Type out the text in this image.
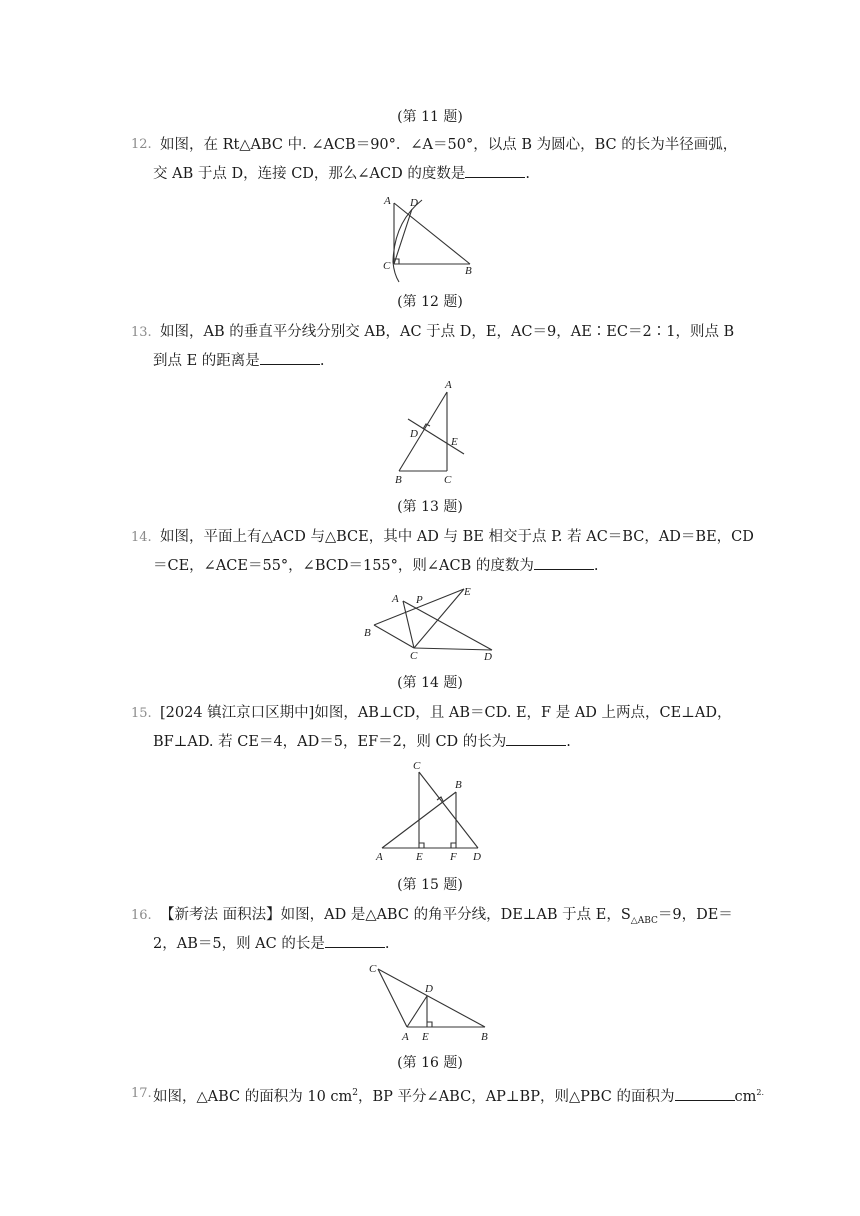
(第 11 题)
12. 如图，在 Rt△ABC 中. ∠ACB＝90°．∠A＝50°，以点 B 为圆心，BC 的长为半径画弧，
交 AB 于点 D，连接 CD，那么∠ACD 的度数是	.
A D
C	B
(第 12 题)
13. 如图，AB 的垂直平分线分别交 AB，AC 于点 D，E，AC＝9，AE∶EC＝2∶1，则点 B
到点 E 的距离是	.
A
D
E
B	C
(第 13 题)
14. 如图，平面上有△ACD 与△BCE，其中 AD 与 BE 相交于点 P. 若 AC＝BC，AD＝BE，CD
＝CE，∠ACE＝55°，∠BCD＝155°，则∠ACB 的度数为	.
A P
E
B
C	D
(第 14 题)
15. [2024 镇江京口区期中]如图，AB⊥CD，且 AB＝CD. E，F 是 AD 上两点，CE⊥AD，
BF⊥AD. 若 CE＝4，AD＝5，EF＝2，则 CD 的长为	.
C
B
A	E F D
(第 15 题)
16. 【新考法 面积法】如图，AD 是△ABC 的角平分线，DE⊥AB 于点 E，$S_{\triangle ABC}=9$，DE＝
2，AB＝5，则 AC 的长是	.
C
D
A E	B
(第 16 题)
17. 如图，△ABC 的面积为 10 $cm^2$，BP 平分∠ABC，AP⊥BP，则△PBC 的面积为	$cm^{2.}$
